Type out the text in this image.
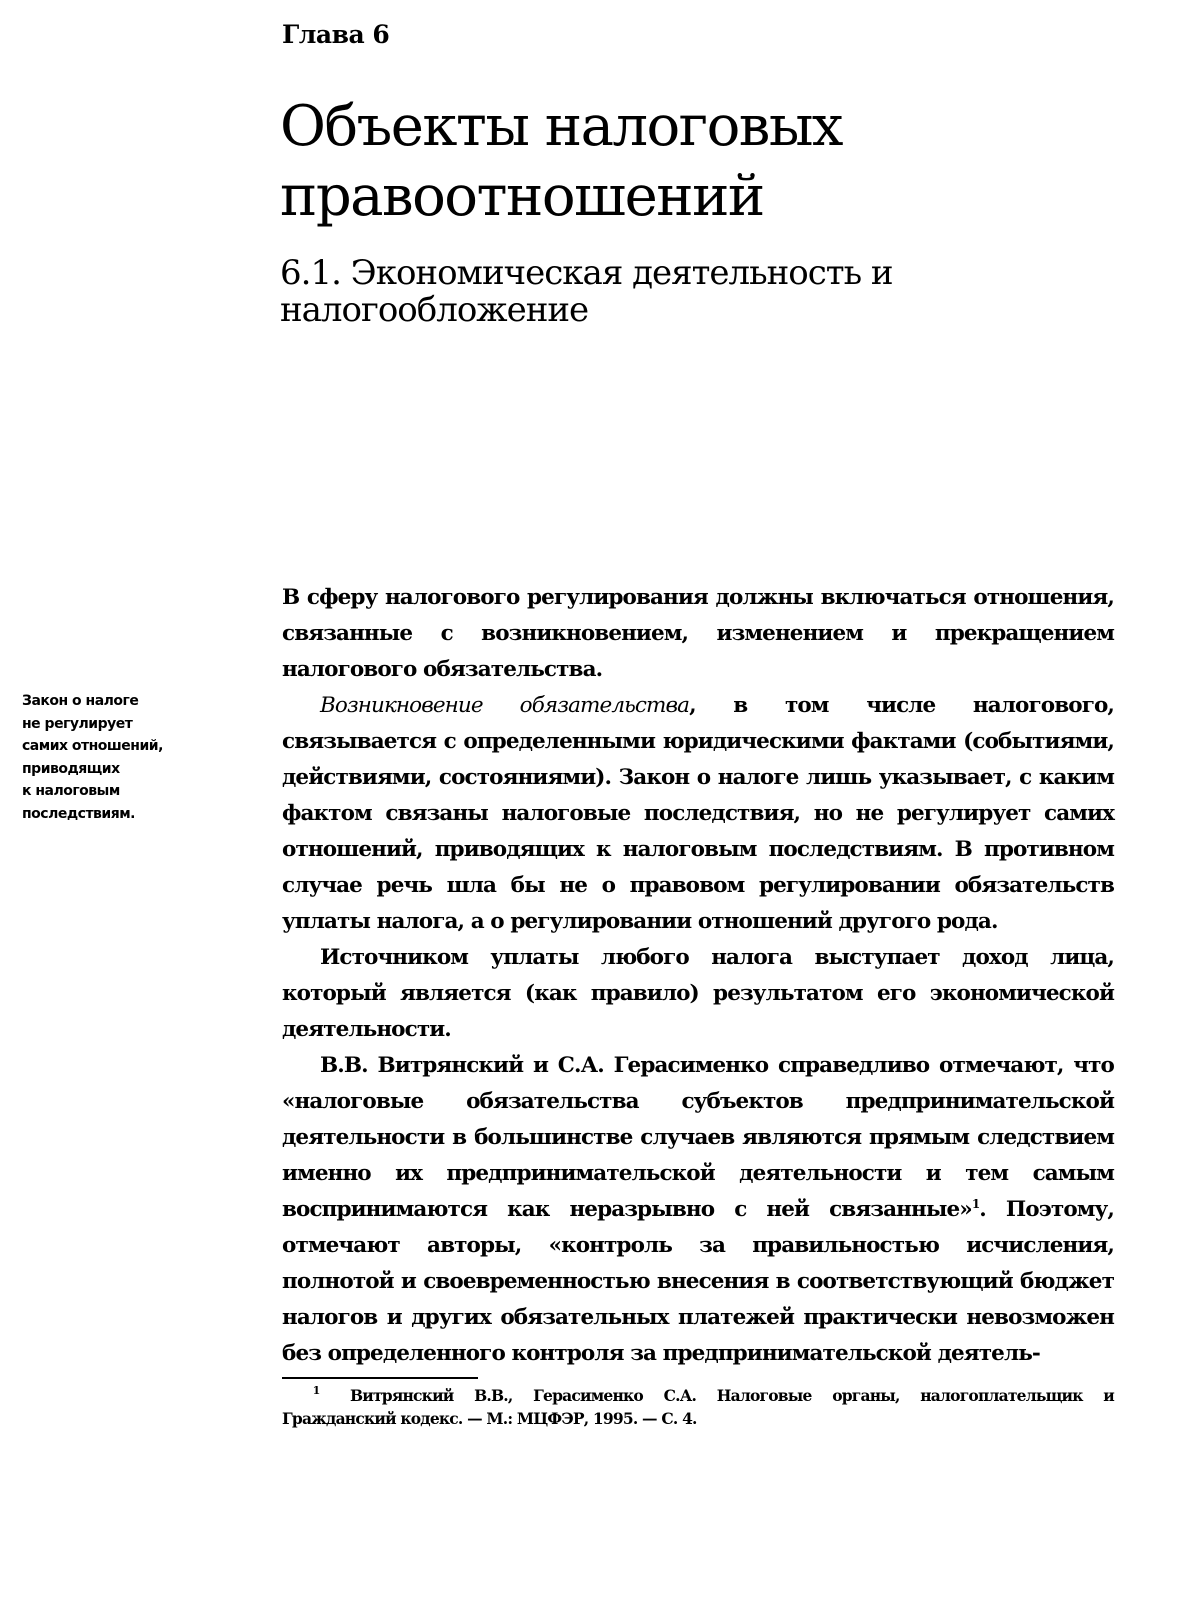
Глава 6
Объекты налоговых правоотношений
6.1. Экономическая деятельность и налогообложение
Закон о налоге
не регулирует
самих отношений,
приводящих
к налоговым
последствиям.

В сферу налогового регулирования должны включаться отношения, связанные с возникновением, изменением и прекращением налогового обязательства.

Возникновение обязательства, в том числе налогового, связывается с определенными юридическими фактами (событиями, действиями, состояниями). Закон о налоге лишь указывает, с каким фактом связаны налоговые последствия, но не регулирует самих отношений, приводящих к налоговым последствиям. В противном случае речь шла бы не о правовом регулировании обязательств уплаты налога, а о регулировании отношений другого рода.

Источником уплаты любого налога выступает доход лица, который является (как правило) результатом его экономической деятельности.

В.В. Витрянский и С.А. Герасименко справедливо отмечают, что «налоговые обязательства субъектов предпринимательской деятельности в большинстве случаев являются прямым следствием именно их предпринимательской деятельности и тем самым воспринимаются как неразрывно с ней связанные»$^1$. Поэтому, отмечают авторы, «контроль за правильностью исчисления, полнотой и своевременностью внесения в соответствующий бюджет налогов и других обязательных платежей практически невозможен без определенного контроля за предпринимательской деятель-

1 Витрянский В.В., Герасименко С.А. Налоговые органы, налогоплательщик и Гражданский кодекс. — М.: МЦФЭР, 1995. — С. 4.
